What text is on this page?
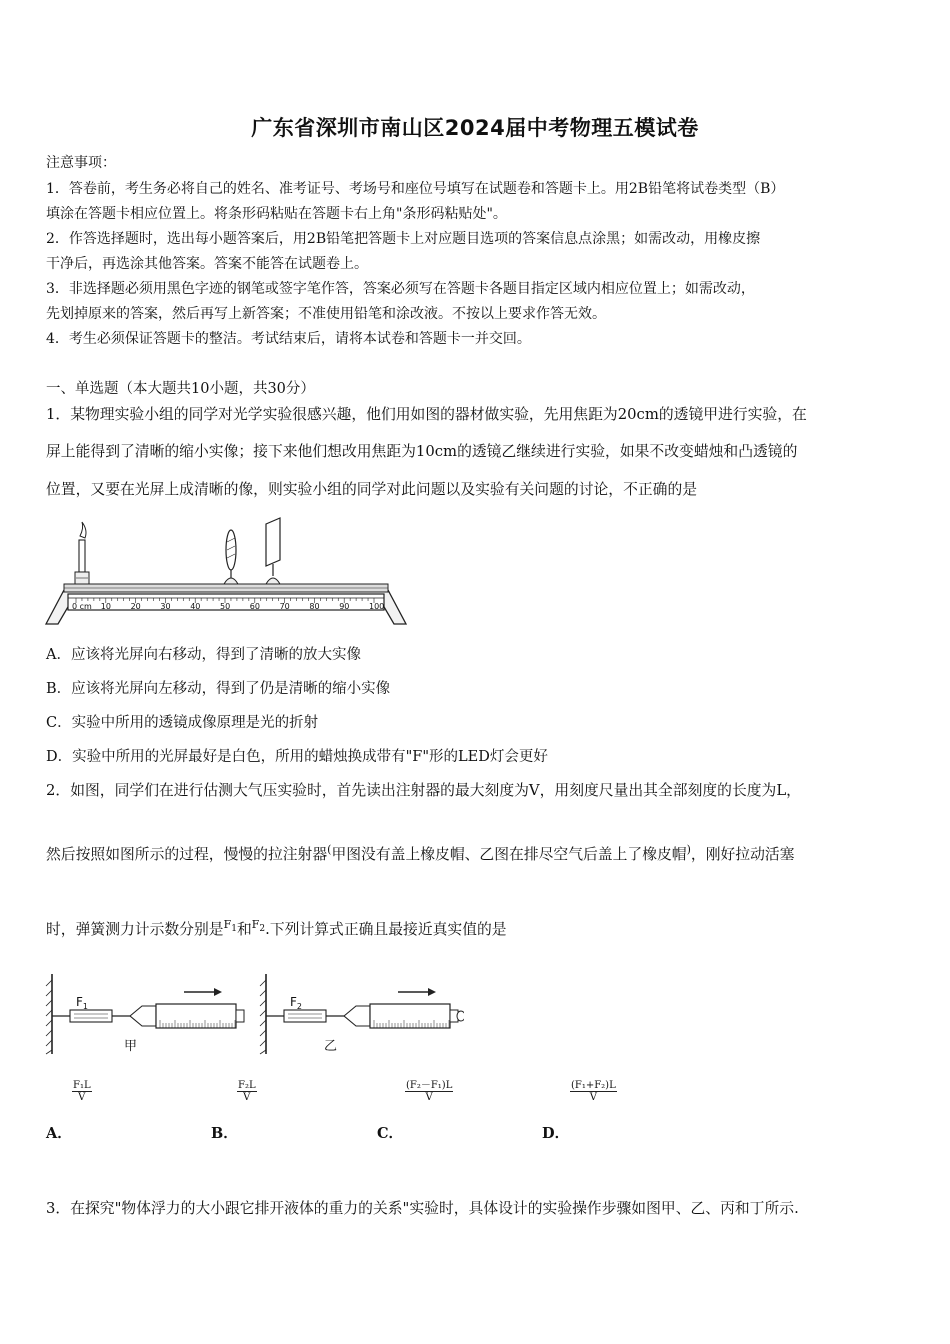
广东省深圳市南山区2024届中考物理五模试卷
注意事项：
1．答卷前，考生务必将自己的姓名、准考证号、考场号和座位号填写在试题卷和答题卡上。用2B铅笔将试卷类型（B）
填涂在答题卡相应位置上。将条形码粘贴在答题卡右上角"条形码粘贴处"。
2．作答选择题时，选出每小题答案后，用2B铅笔把答题卡上对应题目选项的答案信息点涂黑；如需改动，用橡皮擦
干净后，再选涂其他答案。答案不能答在试题卷上。
3．非选择题必须用黑色字迹的钢笔或签字笔作答，答案必须写在答题卡各题目指定区域内相应位置上；如需改动，
先划掉原来的答案，然后再写上新答案；不准使用铅笔和涂改液。不按以上要求作答无效。
4．考生必须保证答题卡的整洁。考试结束后，请将本试卷和答题卡一并交回。
一、单选题（本大题共10小题，共30分）
1．某物理实验小组的同学对光学实验很感兴趣，他们用如图的器材做实验，先用焦距为20cm的透镜甲进行实验，在
屏上能得到了清晰的缩小实像；接下来他们想改用焦距为10cm的透镜乙继续进行实验，如果不改变蜡烛和凸透镜的
位置，又要在光屏上成清晰的像，则实验小组的同学对此问题以及实验有关问题的讨论，不正确的是
0 cm 10 20 30 40 50 60 70 80 90 100
A．应该将光屏向右移动，得到了清晰的放大实像
B．应该将光屏向左移动，得到了仍是清晰的缩小实像
C．实验中所用的透镜成像原理是光的折射
D．实验中所用的光屏最好是白色，所用的蜡烛换成带有"F"形的LED灯会更好
2．如图，同学们在进行估测大气压实验时，首先读出注射器的最大刻度为V，用刻度尺量出其全部刻度的长度为L，
然后按照如图所示的过程，慢慢的拉注射器(甲图没有盖上橡皮帽、乙图在排尽空气后盖上了橡皮帽)，刚好拉动活塞
时，弹簧测力计示数分别是$^{F_1}$和$^{F_2}$.下列计算式正确且最接近真实值的是
$F_1$
甲
$F_2$
乙
$\frac{\text{F₁L}}{V}$
A．
$\frac{\text{F₂L}}{V}$
B．
$\frac{\text{(F₂－F₁)L}}{V}$
C．
$\frac{\text{(F₁+F₂)L}}{V}$
D．
3．在探究"物体浮力的大小跟它排开液体的重力的关系"实验时，具体设计的实验操作步骤如图甲、乙、丙和丁所示.
